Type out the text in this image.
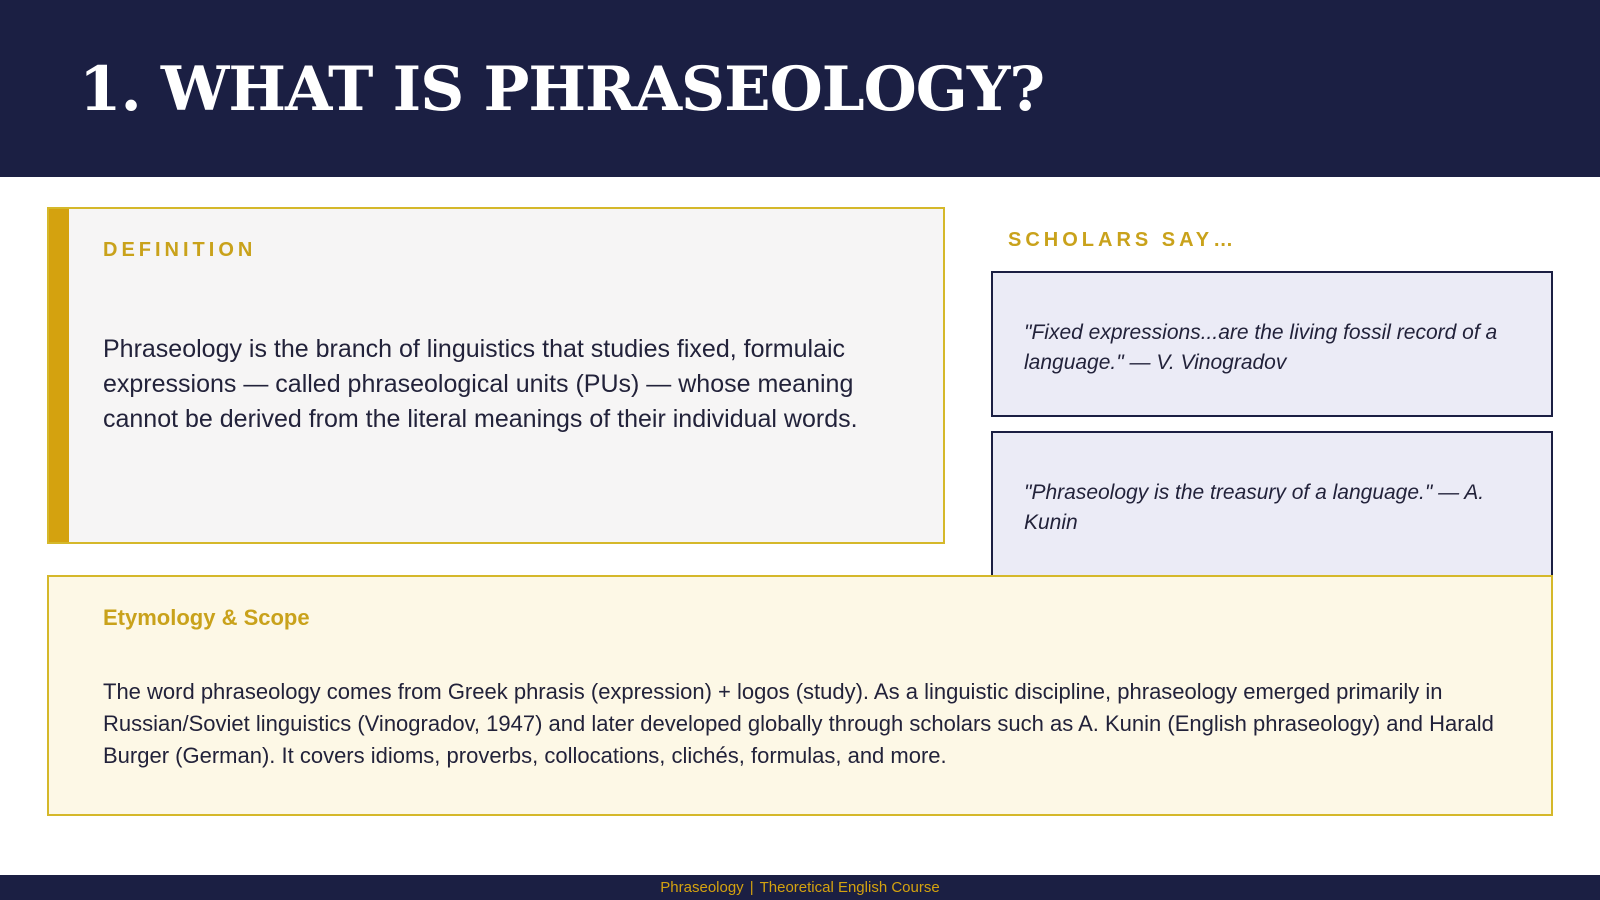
1. WHAT IS PHRASEOLOGY?
DEFINITION
Phraseology is the branch of linguistics that studies fixed, formulaic expressions — called phraseological units (PUs) — whose meaning cannot be derived from the literal meanings of their individual words.
SCHOLARS SAY…
"Fixed expressions...are the living fossil record of a language." — V. Vinogradov
"Phraseology is the treasury of a language." — A. Kunin
Etymology & Scope
The word phraseology comes from Greek phrasis (expression) + logos (study). As a linguistic discipline, phraseology emerged primarily in Russian/Soviet linguistics (Vinogradov, 1947) and later developed globally through scholars such as A. Kunin (English phraseology) and Harald Burger (German). It covers idioms, proverbs, collocations, clichés, formulas, and more.
Phraseology | Theoretical English Course
